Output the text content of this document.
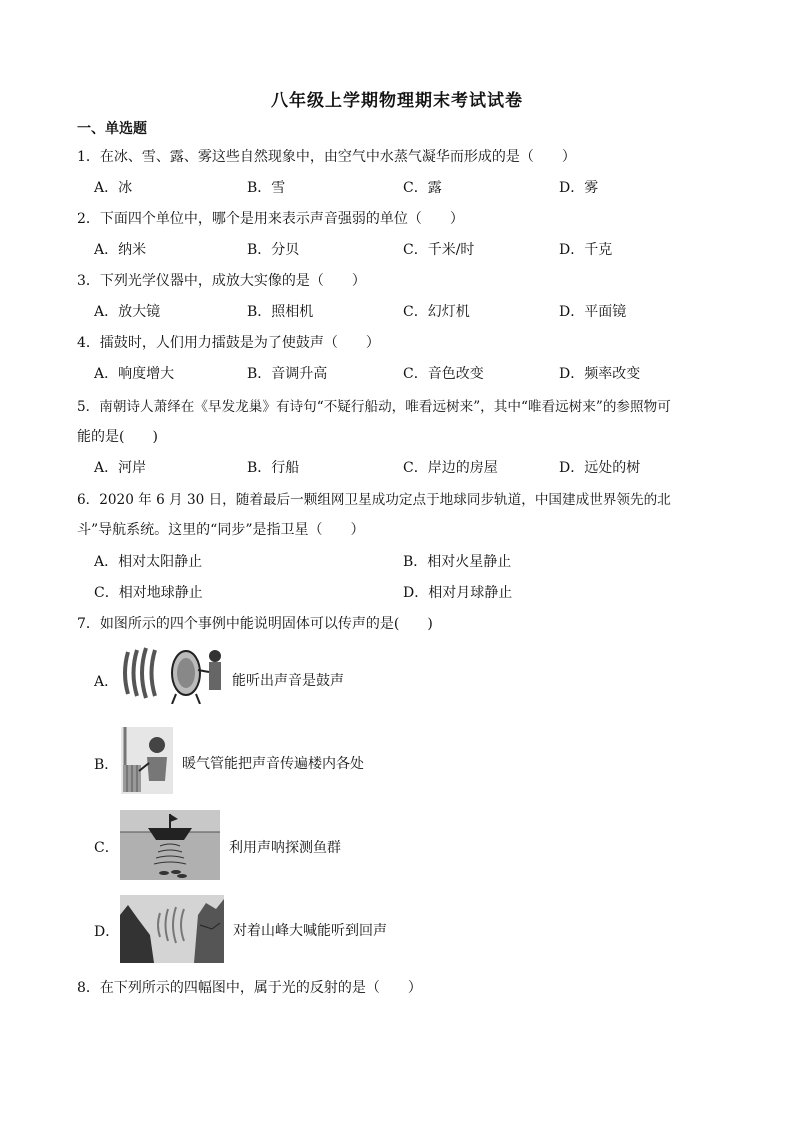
八年级上学期物理期末考试试卷
一、单选题
1．在冰、雪、露、雾这些自然现象中，由空气中水蒸气凝华而形成的是（　　）
A．冰	B．雪	C．露	D．雾
2．下面四个单位中，哪个是用来表示声音强弱的单位（　　）
A．纳米	B．分贝	C．千米/时	D．千克
3．下列光学仪器中，成放大实像的是（　　）
A．放大镜	B．照相机	C．幻灯机	D．平面镜
4．擂鼓时，人们用力擂鼓是为了使鼓声（　　）
A．响度增大	B．音调升高	C．音色改变	D．频率改变
5．南朝诗人萧绎在《早发龙巢》有诗句“不疑行船动，唯看远树来”，其中“唯看远树来”的参照物可
能的是(　　)
A．河岸	B．行船	C．岸边的房屋	D．远处的树
6．2020 年 6 月 30 日，随着最后一颗组网卫星成功定点于地球同步轨道，中国建成世界领先的北
斗”导航系统。这里的“同步”是指卫星（　　）
A．相对太阳静止	B．相对火星静止
C．相对地球静止	D．相对月球静止
7．如图所示的四个事例中能说明固体可以传声的是(　　)
A．	能听出声音是鼓声
B．	暖气管能把声音传遍楼内各处
C．	利用声呐探测鱼群
D．	对着山峰大喊能听到回声
8．在下列所示的四幅图中，属于光的反射的是（　　）
